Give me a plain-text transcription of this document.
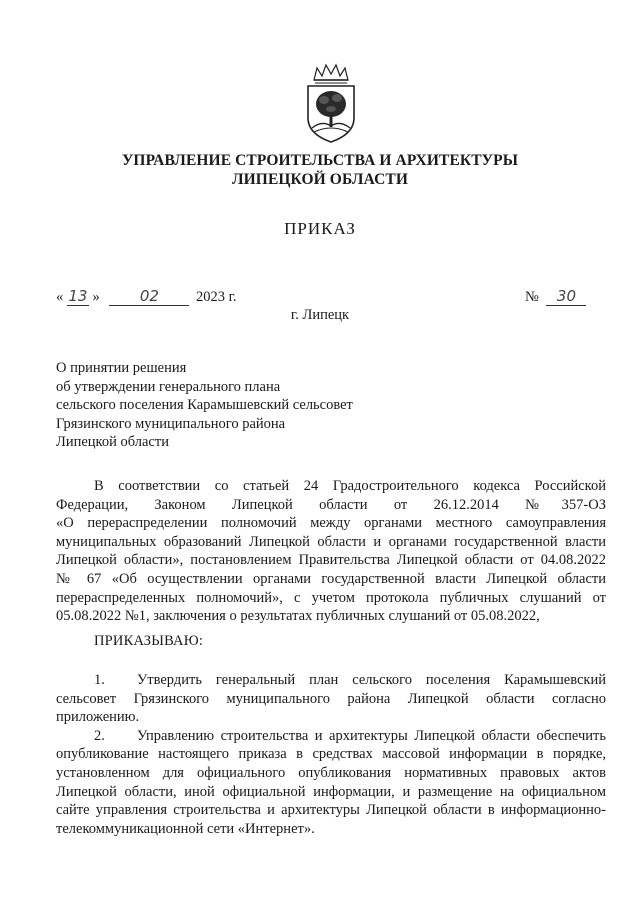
УПРАВЛЕНИЕ СТРОИТЕЛЬСТВА И АРХИТЕКТУРЫ
ЛИПЕЦКОЙ ОБЛАСТИ
ПРИКАЗ
« 13 »	02	2023 г.	№ 30
г. Липецк
О принятии решения
об утверждении генерального плана
сельского поселения Карамышевский сельсовет
Грязинского муниципального района
Липецкой области
В соответствии со статьей 24 Градостроительного кодекса Российской
Федерации, Законом Липецкой области от 26.12.2014 №357-ОЗ
«О перераспределении полномочий между органами местного самоуправления
муниципальных образований Липецкой области и органами государственной власти
Липецкой области», постановлением Правительства Липецкой области от 04.08.2022
№ 67 «Об осуществлении органами государственной власти Липецкой области
перераспределенных полномочий», с учетом протокола публичных слушаний от
05.08.2022 №1, заключения о результатах публичных слушаний от 05.08.2022,
ПРИКАЗЫВАЮ:

1. Утвердить генеральный план сельского поселения Карамышевский сельсовет Грязинского муниципального района Липецкой области согласно приложению.

2. Управлению строительства и архитектуры Липецкой области обеспечить опубликование настоящего приказа в средствах массовой информации в порядке, установленном для официального опубликования нормативных правовых актов Липецкой области, иной официальной информации, и размещение на официальном сайте управления строительства и архитектуры Липецкой области в информационно-телекоммуникационной сети «Интернет».
